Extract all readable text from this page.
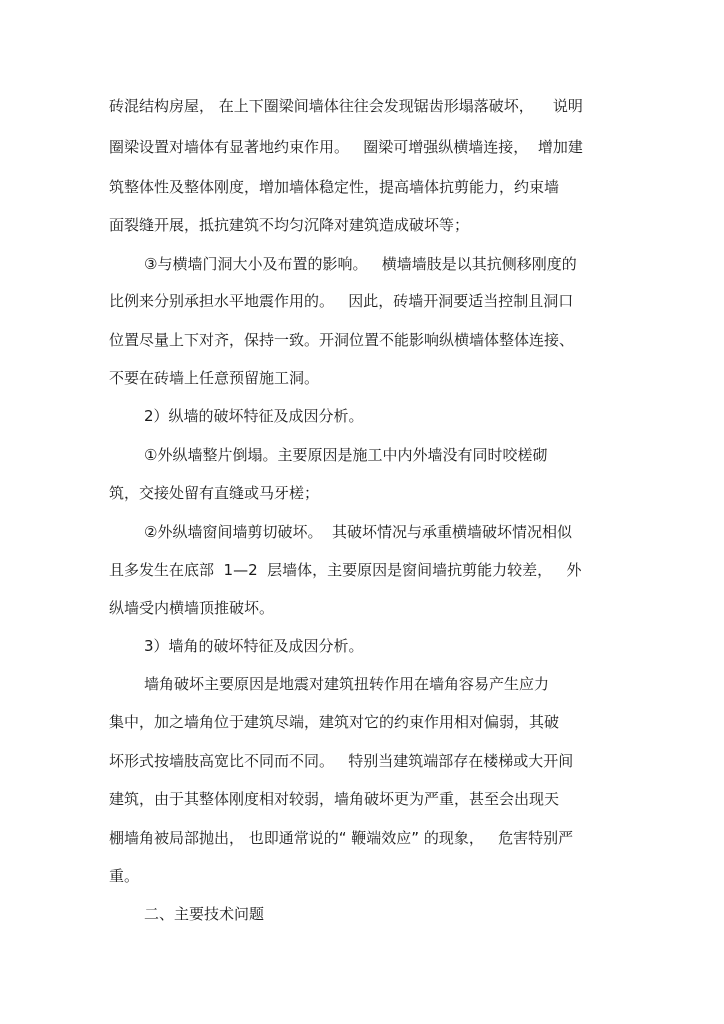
砖混结构房屋， 在上下圈梁间墙体往往会发现锯齿形塌落破坏，    说明
圈梁设置对墙体有显著地约束作用。   圈梁可增强纵横墙连接，  增加建
筑整体性及整体刚度，增加墙体稳定性，提高墙体抗剪能力，约束墙
面裂缝开展，抵抗建筑不均匀沉降对建筑造成破坏等；
③与横墙门洞大小及布置的影响。   横墙墙肢是以其抗侧移刚度的
比例来分别承担水平地震作用的。   因此，砖墙开洞要适当控制且洞口
位置尽量上下对齐，保持一致。开洞位置不能影响纵横墙体整体连接、
不要在砖墙上任意预留施工洞。
2）纵墙的破坏特征及成因分析。
①外纵墙整片倒塌。主要原因是施工中内外墙没有同时咬槎砌
筑，交接处留有直缝或马牙槎；
②外纵墙窗间墙剪切破坏。  其破坏情况与承重横墙破坏情况相似
且多发生在底部  1—2  层墙体，主要原因是窗间墙抗剪能力较差，   外
纵墙受内横墙顶推破坏。
3）墙角的破坏特征及成因分析。
墙角破坏主要原因是地震对建筑扭转作用在墙角容易产生应力
集中，加之墙角位于建筑尽端，建筑对它的约束作用相对偏弱，其破
坏形式按墙肢高宽比不同而不同。   特别当建筑端部存在楼梯或大开间
建筑，由于其整体刚度相对较弱，墙角破坏更为严重，甚至会出现天
棚墙角被局部抛出， 也即通常说的“ 鞭端效应” 的现象，   危害特别严
重。
二、主要技术问题
